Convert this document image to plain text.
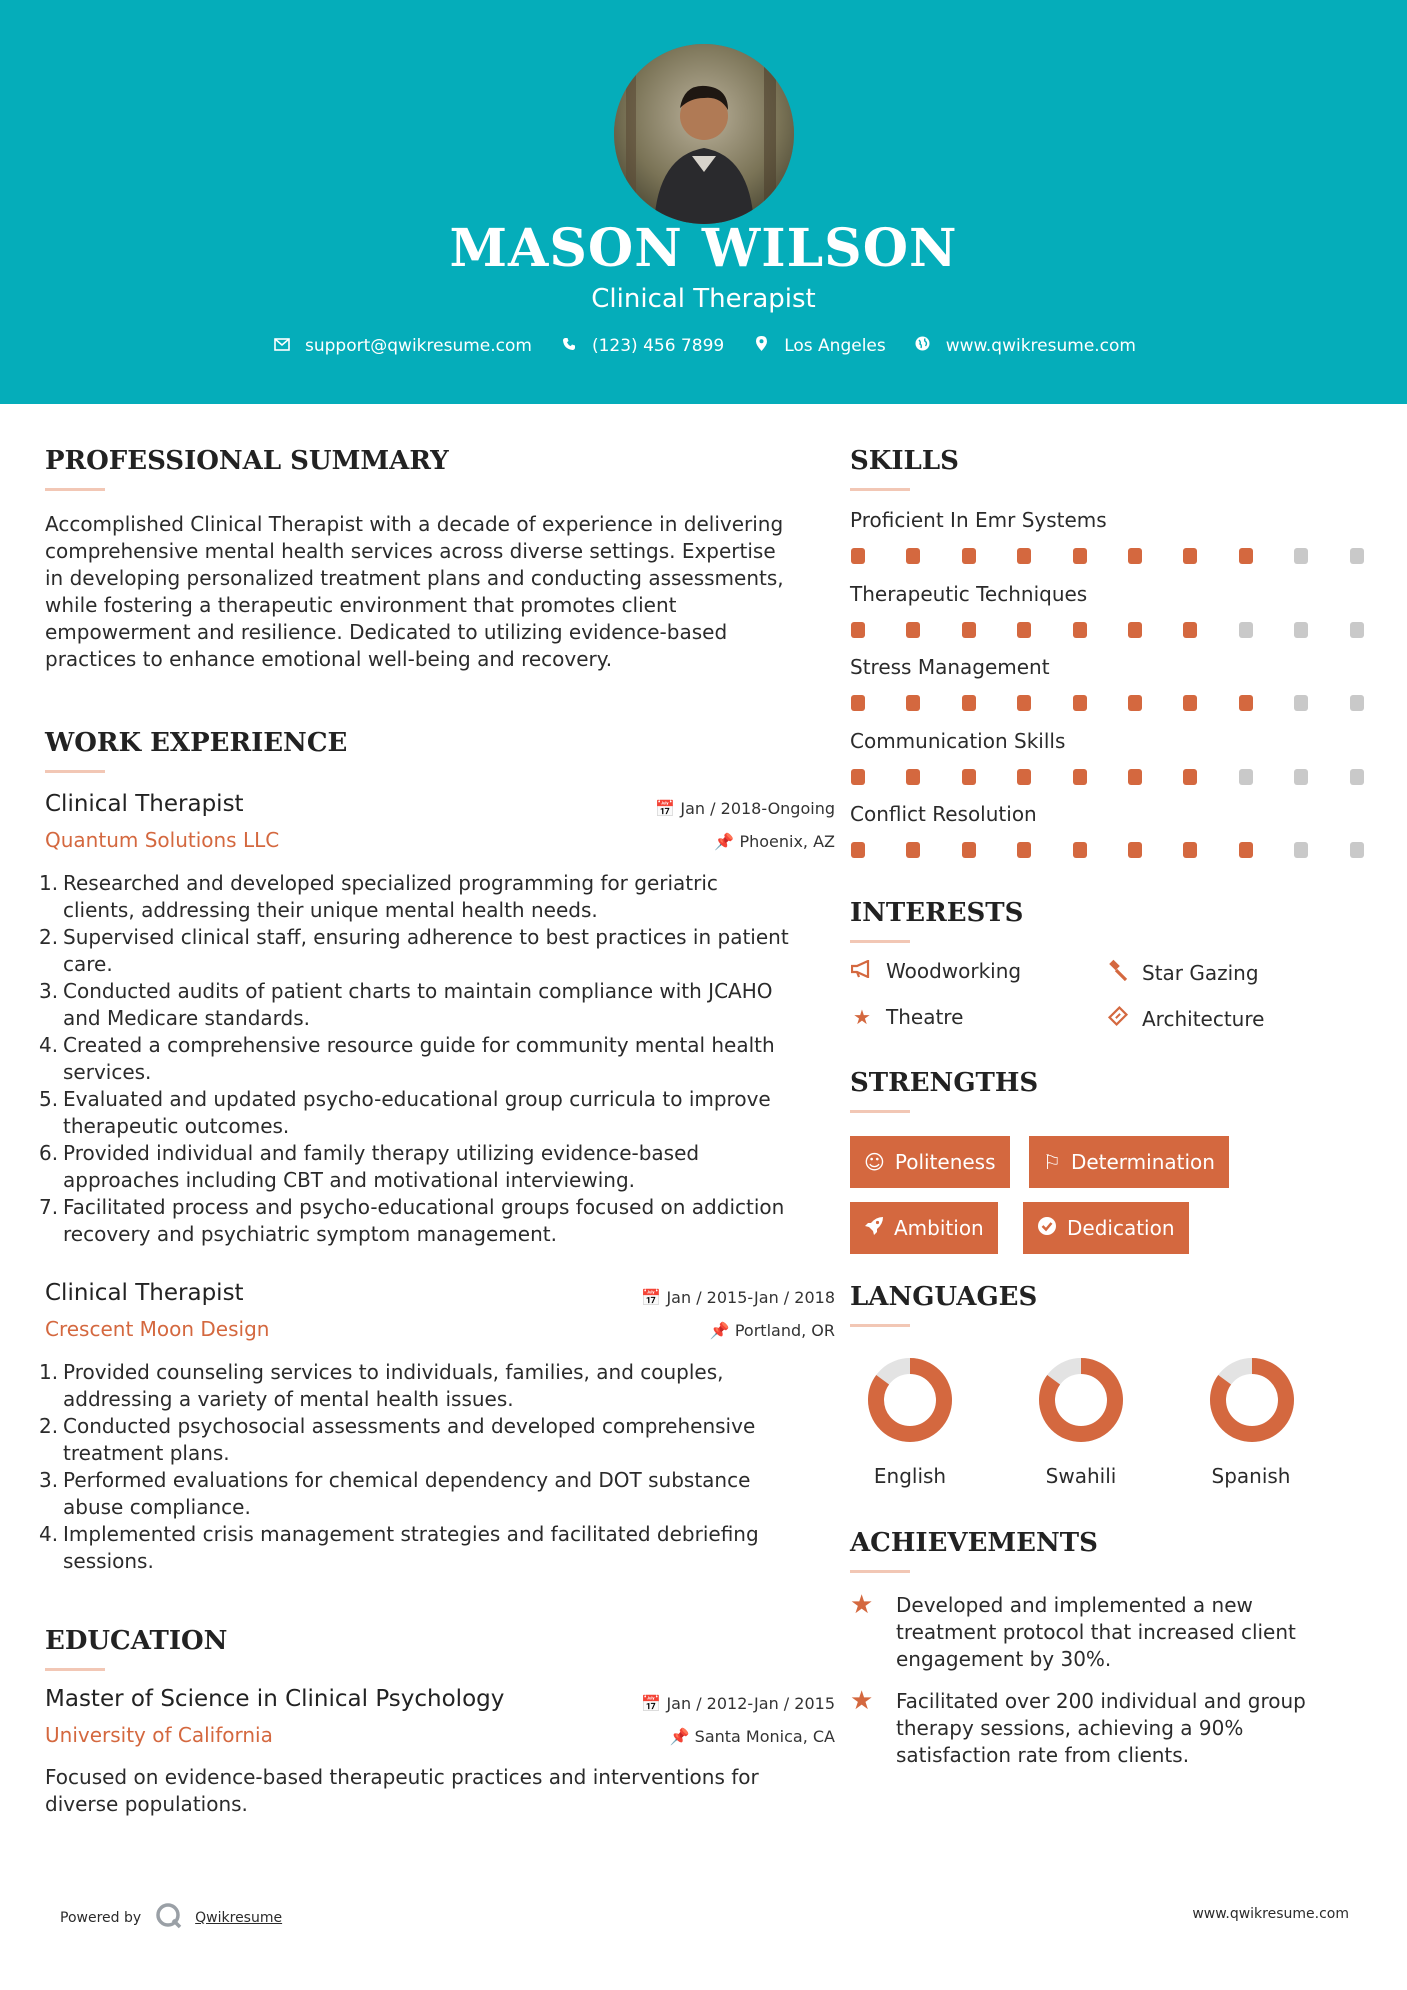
MASON WILSON
Clinical Therapist
support@qwikresume.com	(123) 456 7899	Los Angeles	www.qwikresume.com
PROFESSIONAL SUMMARY
Accomplished Clinical Therapist with a decade of experience in delivering comprehensive mental health services across diverse settings. Expertise in developing personalized treatment plans and conducting assessments, while fostering a therapeutic environment that promotes client empowerment and resilience. Dedicated to utilizing evidence-based practices to enhance emotional well-being and recovery.
WORK EXPERIENCE
Clinical Therapist
Quantum Solutions LLC
📅 Jan / 2018-Ongoing
📌 Phoenix, AZ
1. Researched and developed specialized programming for geriatric clients, addressing their unique mental health needs.
2. Supervised clinical staff, ensuring adherence to best practices in patient care.
3. Conducted audits of patient charts to maintain compliance with JCAHO and Medicare standards.
4. Created a comprehensive resource guide for community mental health services.
5. Evaluated and updated psycho-educational group curricula to improve therapeutic outcomes.
6. Provided individual and family therapy utilizing evidence-based approaches including CBT and motivational interviewing.
7. Facilitated process and psycho-educational groups focused on addiction recovery and psychiatric symptom management.
Clinical Therapist
Crescent Moon Design
📅 Jan / 2015-Jan / 2018
📌 Portland, OR
1. Provided counseling services to individuals, families, and couples, addressing a variety of mental health issues.
2. Conducted psychosocial assessments and developed comprehensive treatment plans.
3. Performed evaluations for chemical dependency and DOT substance abuse compliance.
4. Implemented crisis management strategies and facilitated debriefing sessions.
EDUCATION
Master of Science in Clinical Psychology
University of California
📅 Jan / 2012-Jan / 2015
📌 Santa Monica, CA
Focused on evidence-based therapeutic practices and interventions for diverse populations.
SKILLS
Proficient In Emr Systems
Therapeutic Techniques
Stress Management
Communication Skills
Conflict Resolution
INTERESTS
Woodworking	Star Gazing
★ Theatre	Architecture
STRENGTHS
☺ Politeness ⚐ Determination
Ambition	Dedication
LANGUAGES
English	Swahili	Spanish
ACHIEVEMENTS
★ Developed and implemented a new treatment protocol that increased client engagement by 30%.
★ Facilitated over 200 individual and group therapy sessions, achieving a 90% satisfaction rate from clients.
Powered by	Qwikresume	www.qwikresume.com
